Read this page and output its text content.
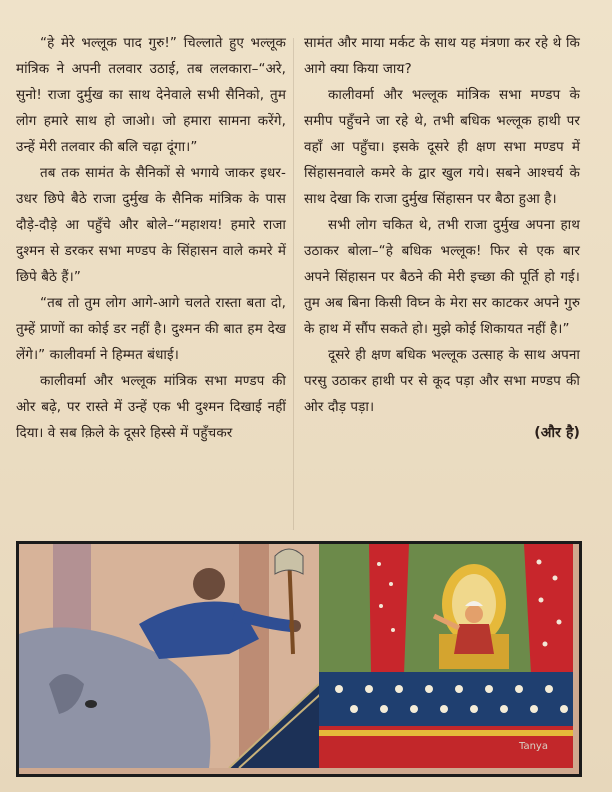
“हे मेरे भल्लूक पाद गुरु!” चिल्लाते हुए भल्लूक मांत्रिक ने अपनी तलवार उठाई, तब ललकारा–“अरे, सुनो! राजा दुर्मुख का साथ देनेवाले सभी सैनिको, तुम लोग हमारे साथ हो जाओ। जो हमारा सामना करेंगे, उन्हें मेरी तलवार की बलि चढ़ा दूंगा।”

तब तक सामंत के सैनिकों से भगाये जाकर इधर-उधर छिपे बैठे राजा दुर्मुख के सैनिक मांत्रिक के पास दौड़े-दौड़े आ पहुँचे और बोले–“महाशय! हमारे राजा दुश्मन से डरकर सभा मण्डप के सिंहासन वाले कमरे में छिपे बैठे हैं।”

“तब तो तुम लोग आगे-आगे चलते रास्ता बता दो, तुम्हें प्राणों का कोई डर नहीं है। दुश्मन की बात हम देख लेंगे।” कालीवर्मा ने हिम्मत बंधाई।

कालीवर्मा और भल्लूक मांत्रिक सभा मण्डप की ओर बढ़े, पर रास्ते में उन्हें एक भी दुश्मन दिखाई नहीं दिया। वे सब क़िले के दूसरे हिस्से में पहुँचकर

सामंत और माया मर्कट के साथ यह मंत्रणा कर रहे थे कि आगे क्या किया जाय?

कालीवर्मा और भल्लूक मांत्रिक सभा मण्डप के समीप पहुँचने जा रहे थे, तभी बधिक भल्लूक हाथी पर वहाँ आ पहुँचा। इसके दूसरे ही क्षण सभा मण्डप में सिंहासनवाले कमरे के द्वार खुल गये। सबने आश्चर्य के साथ देखा कि राजा दुर्मुख सिंहासन पर बैठा हुआ है।

सभी लोग चकित थे, तभी राजा दुर्मुख अपना हाथ उठाकर बोला–“हे बधिक भल्लूक! फिर से एक बार अपने सिंहासन पर बैठने की मेरी इच्छा की पूर्ति हो गई। तुम अब बिना किसी विघ्न के मेरा सर काटकर अपने गुरु के हाथ में सौंप सकते हो। मुझे कोई शिकायत नहीं है।”

दूसरे ही क्षण बधिक भल्लूक उत्साह के साथ अपना परसु उठाकर हाथी पर से कूद पड़ा और सभा मण्डप की ओर दौड़ पड़ा।

(और है)

Tanya
